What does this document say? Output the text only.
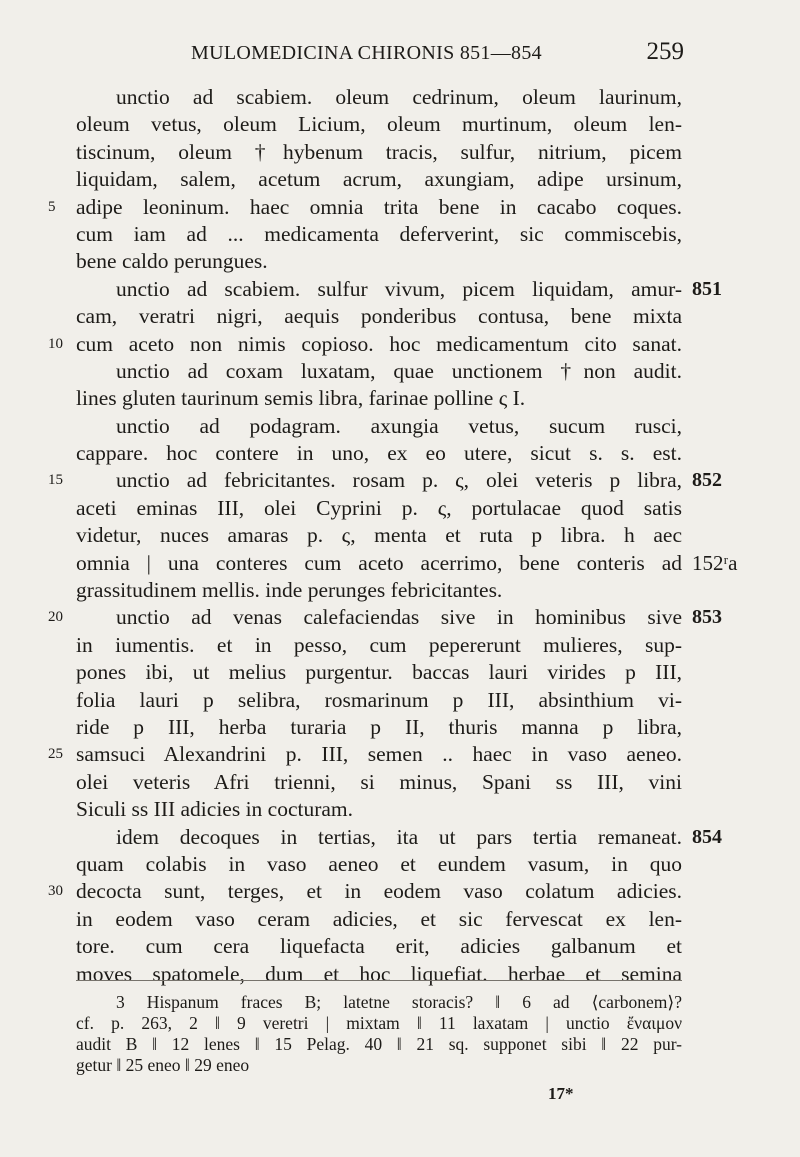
MULOMEDICINA CHIRONIS 851—854	259
unctio ad scabiem. oleum cedrinum, oleum laurinum,
oleum vetus, oleum Licium, oleum murtinum, oleum len-
tiscinum, oleum †hybenum tracis, sulfur, nitrium, picem
liquidam, salem, acetum acrum, axungiam, adipe ursinum,
5 adipe leoninum. haec omnia trita bene in cacabo coques.
cum iam ad ... medicamenta deferverint, sic commiscebis,
bene caldo perungues.
unctio ad scabiem. sulfur vivum, picem liquidam, amur- 851
cam, veratri nigri, aequis ponderibus contusa, bene mixta
10 cum aceto non nimis copioso. hoc medicamentum cito sanat.
unctio ad coxam luxatam, quae unctionem †non audit.
lines gluten taurinum semis libra, farinae polline ς I.
unctio ad podagram. axungia vetus, sucum rusci,
cappare. hoc contere in uno, ex eo utere, sicut s. s. est.
15	unctio ad febricitantes. rosam p. ς, olei veteris p libra, 852
aceti eminas III, olei Cyprini p. ς, portulacae quod satis
videtur, nuces amaras p. ς, menta et ruta p libra. h aec
omnia | una conteres cum aceto acerrimo, bene conteris ad 152ʳa
grassitudinem mellis. inde perunges febricitantes.
20	unctio ad venas calefaciendas sive in hominibus sive 853
in iumentis. et in pesso, cum pepererunt mulieres, sup-
pones ibi, ut melius purgentur. baccas lauri virides p III,
folia lauri p selibra, rosmarinum p III, absinthium vi-
ride p III, herba turaria p II, thuris manna p libra,
25 samsuci Alexandrini p. III, semen .. haec in vaso aeneo.
olei veteris Afri trienni, si minus, Spani ss III, vini
Siculi ss III adicies in cocturam.
idem decoques in tertias, ita ut pars tertia remaneat. 854
quam colabis in vaso aeneo et eundem vasum, in quo
30 decocta sunt, terges, et in eodem vaso colatum adicies.
in eodem vaso ceram adicies, et sic fervescat ex len-
tore. cum cera liquefacta erit, adicies galbanum et
moves spatomele, dum et hoc liquefiat. herbae et semina
3 Hispanum fraces B; latetne storacis? ‖ 6 ad ⟨carbonem⟩?
cf. p. 263, 2 ‖ 9 veretri | mixtam ‖ 11 laxatam | unctio ἔναιμον
audit B ‖ 12 lenes ‖ 15 Pelag. 40 ‖ 21 sq. supponet sibi ‖ 22 pur-
getur ‖ 25 eneo ‖ 29 eneo
17*
